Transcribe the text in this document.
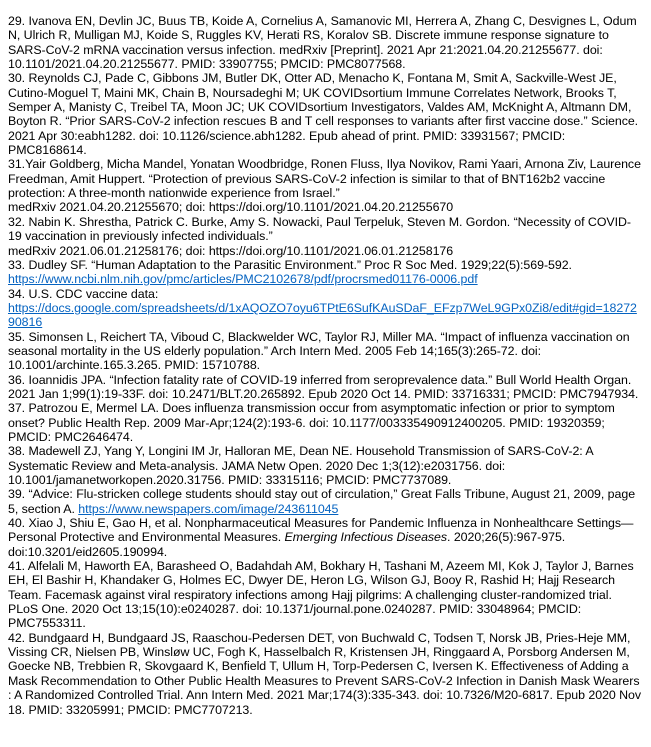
29. Ivanova EN, Devlin JC, Buus TB, Koide A, Cornelius A, Samanovic MI, Herrera A, Zhang C, Desvignes L, Odum N, Ulrich R, Mulligan MJ, Koide S, Ruggles KV, Herati RS, Koralov SB. Discrete immune response signature to SARS-CoV-2 mRNA vaccination versus infection. medRxiv [Preprint]. 2021 Apr 21:2021.04.20.21255677. doi: 10.1101/2021.04.20.21255677. PMID: 33907755; PMCID: PMC8077568.

30. Reynolds CJ, Pade C, Gibbons JM, Butler DK, Otter AD, Menacho K, Fontana M, Smit A, Sackville-West JE, Cutino-Moguel T, Maini MK, Chain B, Noursadeghi M; UK COVIDsortium Immune Correlates Network, Brooks T, Semper A, Manisty C, Treibel TA, Moon JC; UK COVIDsortium Investigators, Valdes AM, McKnight A, Altmann DM, Boyton R. “Prior SARS-CoV-2 infection rescues B and T cell responses to variants after first vaccine dose.” Science. 2021 Apr 30:eabh1282. doi: 10.1126/science.abh1282. Epub ahead of print. PMID: 33931567; PMCID: PMC8168614.

31.Yair Goldberg, Micha Mandel, Yonatan Woodbridge, Ronen Fluss, Ilya Novikov, Rami Yaari, Arnona Ziv, Laurence Freedman, Amit Huppert. “Protection of previous SARS-CoV-2 infection is similar to that of BNT162b2 vaccine protection: A three-month nationwide experience from Israel.”
medRxiv 2021.04.20.21255670; doi: https://doi.org/10.1101/2021.04.20.21255670

32. Nabin K. Shrestha, Patrick C. Burke, Amy S. Nowacki, Paul Terpeluk, Steven M. Gordon. “Necessity of COVID-19 vaccination in previously infected individuals.”
medRxiv 2021.06.01.21258176; doi: https://doi.org/10.1101/2021.06.01.21258176

33. Dudley SF. “Human Adaptation to the Parasitic Environment.” Proc R Soc Med. 1929;22(5):569-592.
https://www.ncbi.nlm.nih.gov/pmc/articles/PMC2102678/pdf/procrsmed01176-0006.pdf

34. U.S. CDC vaccine data:
https://docs.google.com/spreadsheets/d/1xAQOZO7oyu6TPtE6SufKAuSDaF_EFzp7WeL9GPx0Zi8/edit#gid=1827290816

35. Simonsen L, Reichert TA, Viboud C, Blackwelder WC, Taylor RJ, Miller MA. “Impact of influenza vaccination on seasonal mortality in the US elderly population.” Arch Intern Med. 2005 Feb 14;165(3):265-72. doi: 10.1001/archinte.165.3.265. PMID: 15710788.

36. Ioannidis JPA. “Infection fatality rate of COVID-19 inferred from seroprevalence data.” Bull World Health Organ. 2021 Jan 1;99(1):19-33F. doi: 10.2471/BLT.20.265892. Epub 2020 Oct 14. PMID: 33716331; PMCID: PMC7947934.

37. Patrozou E, Mermel LA. Does influenza transmission occur from asymptomatic infection or prior to symptom onset? Public Health Rep. 2009 Mar-Apr;124(2):193-6. doi: 10.1177/003335490912400205. PMID: 19320359; PMCID: PMC2646474.

38. Madewell ZJ, Yang Y, Longini IM Jr, Halloran ME, Dean NE. Household Transmission of SARS-CoV-2: A Systematic Review and Meta-analysis. JAMA Netw Open. 2020 Dec 1;3(12):e2031756. doi: 10.1001/jamanetworkopen.2020.31756. PMID: 33315116; PMCID: PMC7737089.

39. “Advice: Flu-stricken college students should stay out of circulation,” Great Falls Tribune, August 21, 2009, page 5, section A. https://www.newspapers.com/image/243611045

40. Xiao J, Shiu E, Gao H, et al. Nonpharmaceutical Measures for Pandemic Influenza in Nonhealthcare Settings—Personal Protective and Environmental Measures. Emerging Infectious Diseases. 2020;26(5):967-975. doi:10.3201/eid2605.190994.

41. Alfelali M, Haworth EA, Barasheed O, Badahdah AM, Bokhary H, Tashani M, Azeem MI, Kok J, Taylor J, Barnes EH, El Bashir H, Khandaker G, Holmes EC, Dwyer DE, Heron LG, Wilson GJ, Booy R, Rashid H; Hajj Research Team. Facemask against viral respiratory infections among Hajj pilgrims: A challenging cluster-randomized trial. PLoS One. 2020 Oct 13;15(10):e0240287. doi: 10.1371/journal.pone.0240287. PMID: 33048964; PMCID: PMC7553311.

42. Bundgaard H, Bundgaard JS, Raaschou-Pedersen DET, von Buchwald C, Todsen T, Norsk JB, Pries-Heje MM, Vissing CR, Nielsen PB, Winsløw UC, Fogh K, Hasselbalch R, Kristensen JH, Ringgaard A, Porsborg Andersen M, Goecke NB, Trebbien R, Skovgaard K, Benfield T, Ullum H, Torp-Pedersen C, Iversen K. Effectiveness of Adding a Mask Recommendation to Other Public Health Measures to Prevent SARS-CoV-2 Infection in Danish Mask Wearers : A Randomized Controlled Trial. Ann Intern Med. 2021 Mar;174(3):335-343. doi: 10.7326/M20-6817. Epub 2020 Nov 18. PMID: 33205991; PMCID: PMC7707213.
